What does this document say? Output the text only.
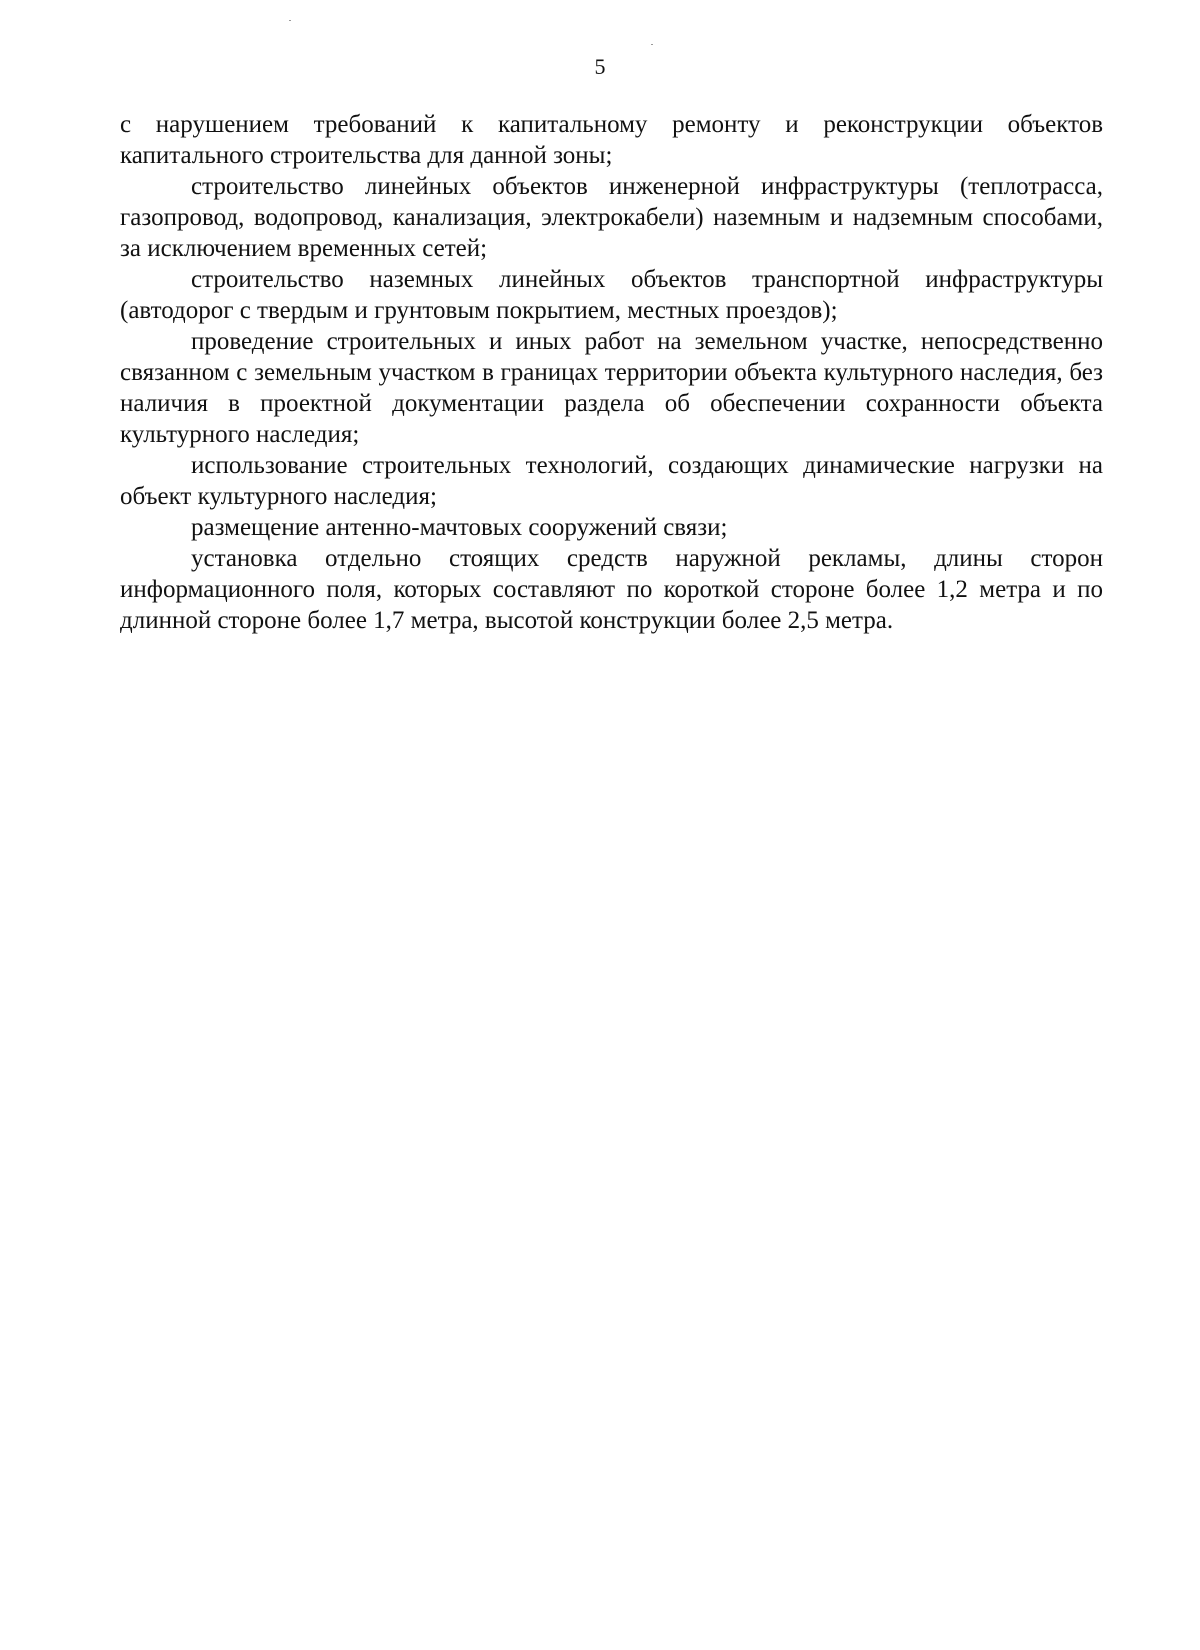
5

с нарушением требований к капитальному ремонту и реконструкции объектов капитального строительства для данной зоны;

строительство линейных объектов инженерной инфраструктуры (теплотрасса, газопровод, водопровод, канализация, электрокабели) наземным и надземным способами, за исключением временных сетей;

строительство наземных линейных объектов транспортной инфраструктуры (автодорог с твердым и грунтовым покрытием, местных проездов);

проведение строительных и иных работ на земельном участке, непосредственно связанном с земельным участком в границах территории объекта культурного наследия, без наличия в проектной документации раздела об обеспечении сохранности объекта культурного наследия;

использование строительных технологий, создающих динамические нагрузки на объект культурного наследия;

размещение антенно-мачтовых сооружений связи;

установка отдельно стоящих средств наружной рекламы, длины сторон информационного поля, которых составляют по короткой стороне более 1,2 метра и по длинной стороне более 1,7 метра, высотой конструкции более 2,5 метра.
